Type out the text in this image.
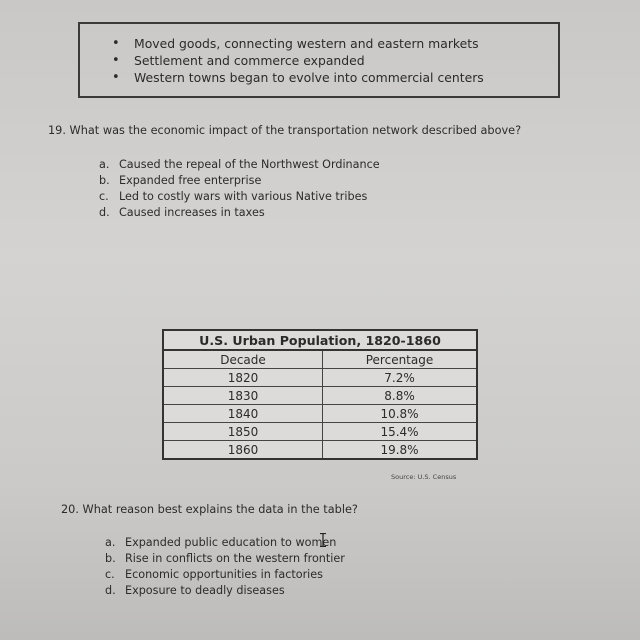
• Moved goods, connecting western and eastern markets
• Settlement and commerce expanded
• Western towns began to evolve into commercial centers
19. What was the economic impact of the transportation network described above?
a. Caused the repeal of the Northwest Ordinance
b. Expanded free enterprise
c. Led to costly wars with various Native tribes
d. Caused increases in taxes
U.S. Urban Population, 1820-1860	
Decade	Percentage
1820	7.2%
1830	8.8%
1840	10.8%
1850	15.4%
1860	19.8%
Source: U.S. Census
20. What reason best explains the data in the table?
a. Expanded public education to women
b. Rise in conflicts on the western frontier
c. Economic opportunities in factories
d. Exposure to deadly diseases
